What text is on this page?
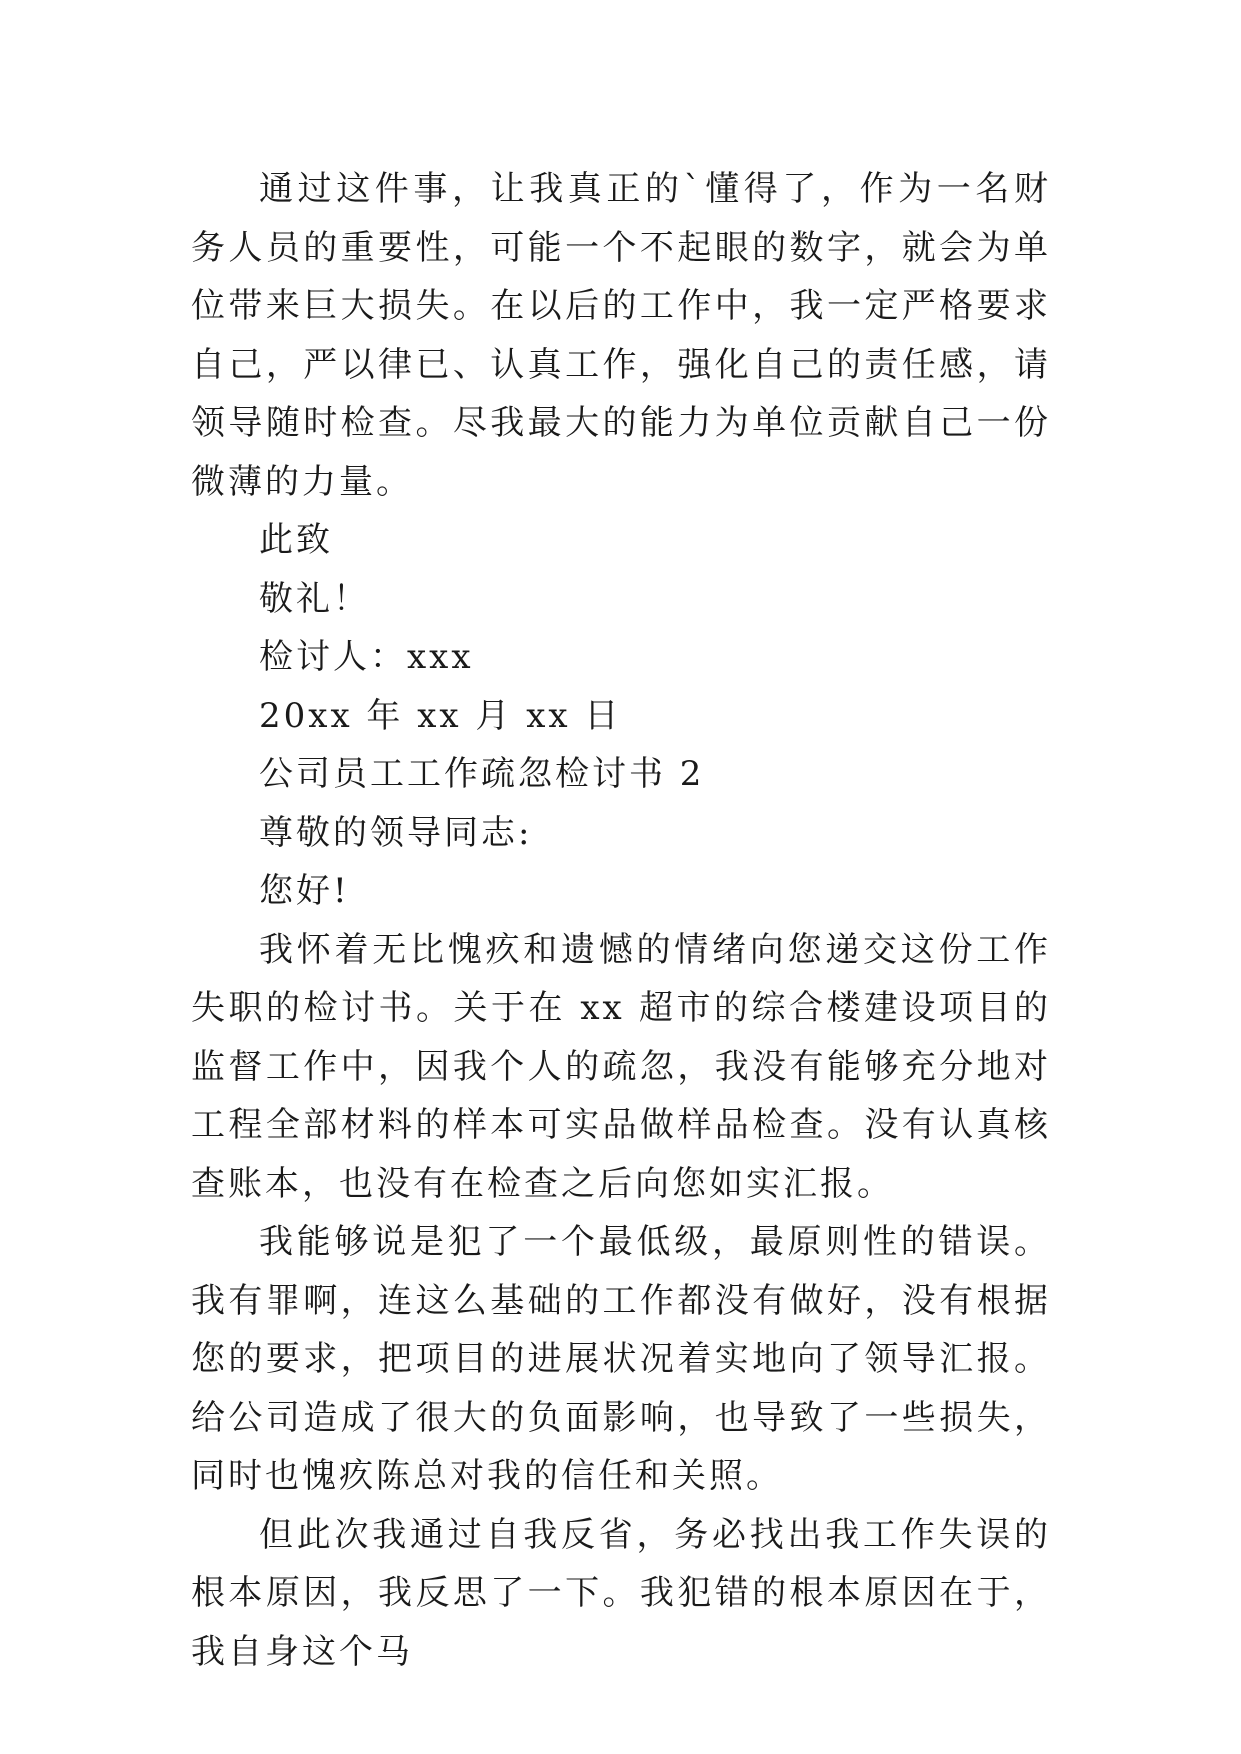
通过这件事，让我真正的`懂得了，作为一名财务人员的重要性，可能一个不起眼的数字，就会为单位带来巨大损失。在以后的工作中，我一定严格要求自己，严以律已、认真工作，强化自己的责任感，请领导随时检查。尽我最大的能力为单位贡献自己一份微薄的力量。

此致

敬礼！

检讨人：xxx

20xx 年 xx 月 xx 日

公司员工工作疏忽检讨书 2

尊敬的领导同志:

您好!

我怀着无比愧疚和遗憾的情绪向您递交这份工作失职的检讨书。关于在 xx 超市的综合楼建设项目的监督工作中，因我个人的疏忽，我没有能够充分地对工程全部材料的样本可实品做样品检查。没有认真核查账本，也没有在检查之后向您如实汇报。

我能够说是犯了一个最低级，最原则性的错误。我有罪啊，连这么基础的工作都没有做好，没有根据您的要求，把项目的进展状况着实地向了领导汇报。给公司造成了很大的负面影响，也导致了一些损失，同时也愧疚陈总对我的信任和关照。

但此次我通过自我反省，务必找出我工作失误的根本原因，我反思了一下。我犯错的根本原因在于，我自身这个马
